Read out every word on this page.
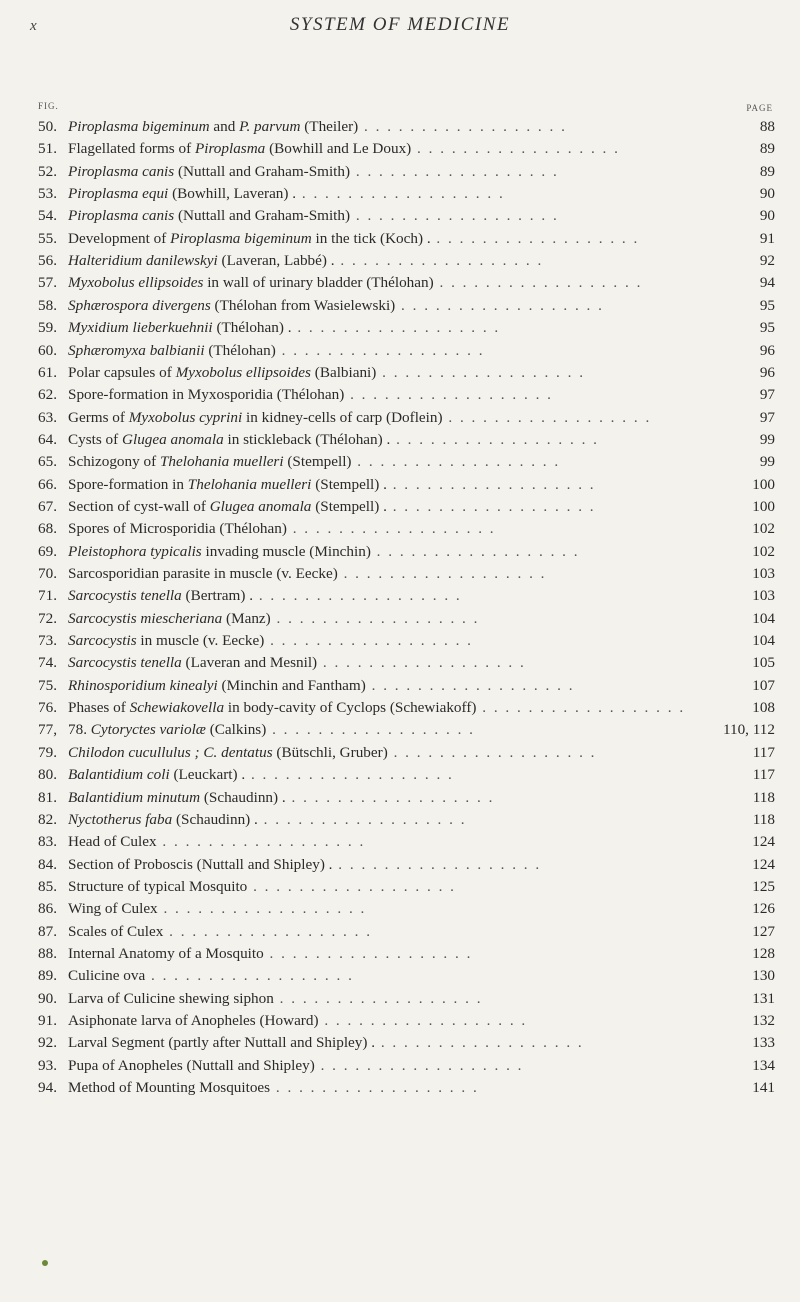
x	SYSTEM OF MEDICINE
FIG.	PAGE
50. Piroplasma bigeminum and P. parvum (Theiler) . . . . . . . . . . . . . . . . . .	88
51. Flagellated forms of Piroplasma (Bowhill and Le Doux) . . . . . . . . . . . . . . . . . .	89
52. Piroplasma canis (Nuttall and Graham-Smith) . . . . . . . . . . . . . . . . . .	89
53. Piroplasma equi (Bowhill, Laveran) . . . . . . . . . . . . . . . . . . .	90
54. Piroplasma canis (Nuttall and Graham-Smith) . . . . . . . . . . . . . . . . . .	90
55. Development of Piroplasma bigeminum in the tick (Koch) . . . . . . . . . . . . . . . . . . .	91
56. Halteridium danilewskyi (Laveran, Labbé) . . . . . . . . . . . . . . . . . . .	92
57. Myxobolus ellipsoides in wall of urinary bladder (Thélohan) . . . . . . . . . . . . . . . . . .	94
58. Sphærospora divergens (Thélohan from Wasielewski) . . . . . . . . . . . . . . . . . .	95
59. Myxidium lieberkuehnii (Thélohan) . . . . . . . . . . . . . . . . . . .	95
60. Sphæromyxa balbianii (Thélohan) . . . . . . . . . . . . . . . . . .	96
61. Polar capsules of Myxobolus ellipsoides (Balbiani) . . . . . . . . . . . . . . . . . .	96
62. Spore-formation in Myxosporidia (Thélohan) . . . . . . . . . . . . . . . . . .	97
63. Germs of Myxobolus cyprini in kidney-cells of carp (Doflein) . . . . . . . . . . . . . . . . . .	97
64. Cysts of Glugea anomala in stickleback (Thélohan) . . . . . . . . . . . . . . . . . . .	99
65. Schizogony of Thelohania muelleri (Stempell) . . . . . . . . . . . . . . . . . .	99
66. Spore-formation in Thelohania muelleri (Stempell) . . . . . . . . . . . . . . . . . . .	100
67. Section of cyst-wall of Glugea anomala (Stempell) . . . . . . . . . . . . . . . . . . .	100
68. Spores of Microsporidia (Thélohan) . . . . . . . . . . . . . . . . . .	102
69. Pleistophora typicalis invading muscle (Minchin) . . . . . . . . . . . . . . . . . .	102
70. Sarcosporidian parasite in muscle (v. Eecke) . . . . . . . . . . . . . . . . . .	103
71. Sarcocystis tenella (Bertram) . . . . . . . . . . . . . . . . . . .	103
72. Sarcocystis miescheriana (Manz) . . . . . . . . . . . . . . . . . .	104
73. Sarcocystis in muscle (v. Eecke) . . . . . . . . . . . . . . . . . .	104
74. Sarcocystis tenella (Laveran and Mesnil) . . . . . . . . . . . . . . . . . .	105
75. Rhinosporidium kinealyi (Minchin and Fantham) . . . . . . . . . . . . . . . . . .	107
76. Phases of Schewiakovella in body-cavity of Cyclops (Schewiakoff) . . . . . . . . . . . . . . . . . .	108
77, 78. Cytoryctes variolæ (Calkins) . . . . . . . . . . . . . . . . . .	110, 112
79. Chilodon cucullulus ; C. dentatus (Bütschli, Gruber) . . . . . . . . . . . . . . . . . .	117
80. Balantidium coli (Leuckart) . . . . . . . . . . . . . . . . . . .	117
81. Balantidium minutum (Schaudinn) . . . . . . . . . . . . . . . . . . .	118
82. Nyctotherus faba (Schaudinn) . . . . . . . . . . . . . . . . . . .	118
83. Head of Culex . . . . . . . . . . . . . . . . . .	124
84. Section of Proboscis (Nuttall and Shipley) . . . . . . . . . . . . . . . . . . .	124
85. Structure of typical Mosquito . . . . . . . . . . . . . . . . . .	125
86. Wing of Culex . . . . . . . . . . . . . . . . . .	126
87. Scales of Culex . . . . . . . . . . . . . . . . . .	127
88. Internal Anatomy of a Mosquito . . . . . . . . . . . . . . . . . .	128
89. Culicine ova . . . . . . . . . . . . . . . . . .	130
90. Larva of Culicine shewing siphon . . . . . . . . . . . . . . . . . .	131
91. Asiphonate larva of Anopheles (Howard) . . . . . . . . . . . . . . . . . .	132
92. Larval Segment (partly after Nuttall and Shipley) . . . . . . . . . . . . . . . . . . .	133
93. Pupa of Anopheles (Nuttall and Shipley) . . . . . . . . . . . . . . . . . .	134
94. Method of Mounting Mosquitoes . . . . . . . . . . . . . . . . . .	141
